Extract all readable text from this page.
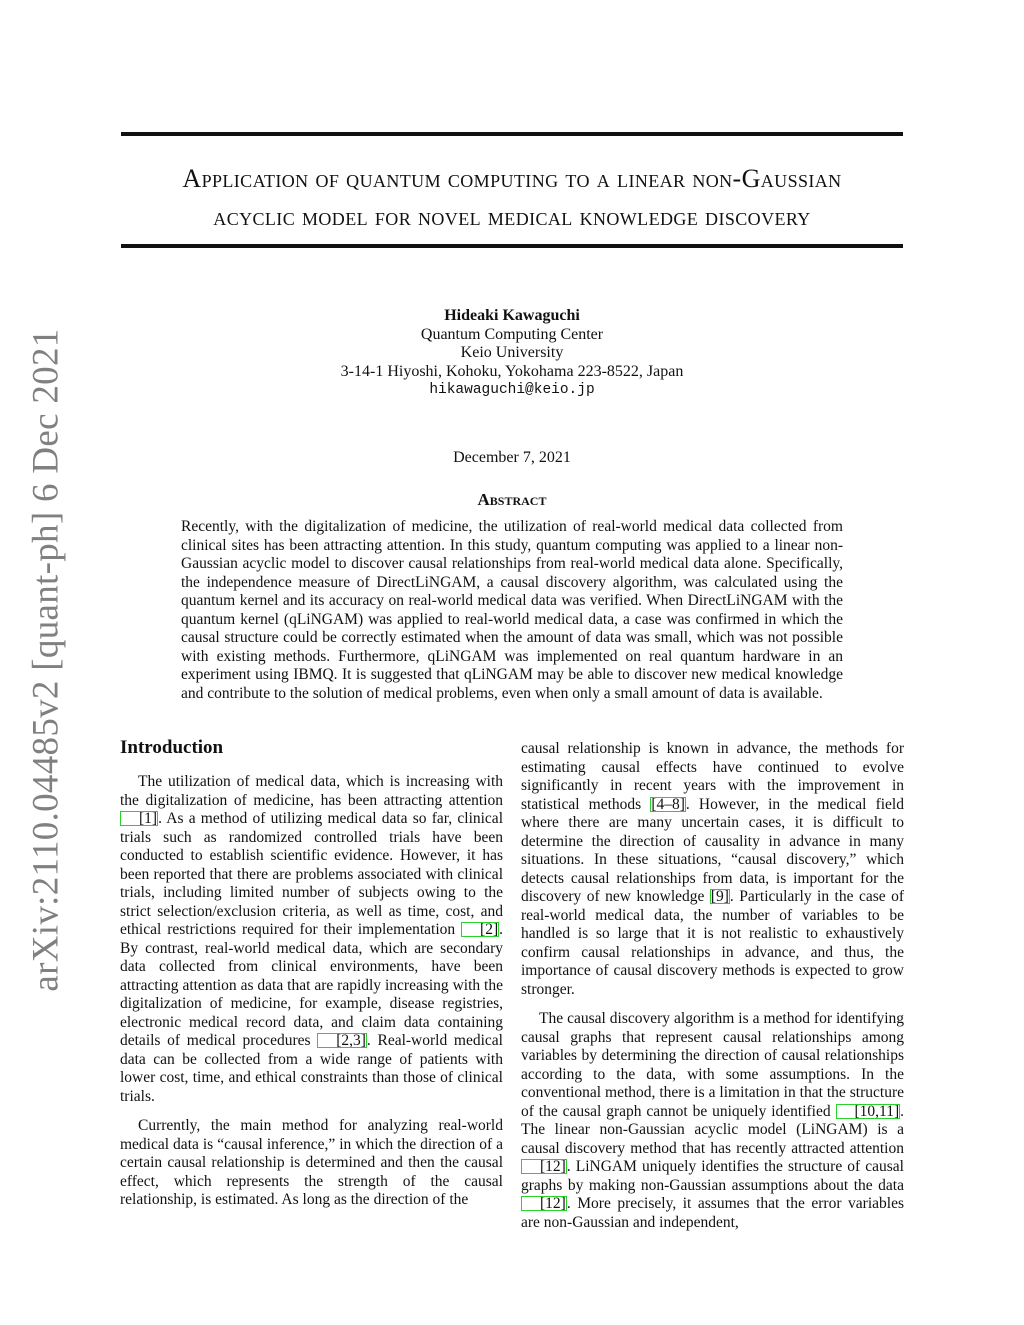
Application of quantum computing to a linear non-Gaussian
acyclic model for novel medical knowledge discovery
arXiv:2110.04485v2 [quant-ph] 6 Dec 2021
Hideaki Kawaguchi
Quantum Computing Center
Keio University
3-14-1 Hiyoshi, Kohoku, Yokohama 223-8522, Japan
hikawaguchi@keio.jp
December 7, 2021
Abstract
Recently, with the digitalization of medicine, the utilization of real-world medical data collected from clinical sites has been attracting attention. In this study, quantum computing was applied to a linear non-Gaussian acyclic model to discover causal relationships from real-world medical data alone. Specifically, the independence measure of DirectLiNGAM, a causal discovery algorithm, was calculated using the quantum kernel and its accuracy on real-world medical data was verified. When DirectLiNGAM with the quantum kernel (qLiNGAM) was applied to real-world medical data, a case was confirmed in which the causal structure could be correctly estimated when the amount of data was small, which was not possible with existing methods. Furthermore, qLiNGAM was implemented on real quantum hardware in an experiment using IBMQ. It is suggested that qLiNGAM may be able to discover new medical knowledge and contribute to the solution of medical problems, even when only a small amount of data is available.
Introduction

The utilization of medical data, which is increasing with the digitalization of medicine, has been attracting attention [1]. As a method of utilizing medical data so far, clinical trials such as randomized controlled trials have been conducted to establish scientific evidence. However, it has been reported that there are problems associated with clinical trials, including limited number of subjects owing to the strict selection/exclusion criteria, as well as time, cost, and ethical restrictions required for their implementation [2]. By contrast, real-world medical data, which are secondary data collected from clinical environments, have been attracting attention as data that are rapidly increasing with the digitalization of medicine, for example, disease registries, electronic medical record data, and claim data containing details of medical procedures [2,3]. Real-world medical data can be collected from a wide range of patients with lower cost, time, and ethical constraints than those of clinical trials.

Currently, the main method for analyzing real-world medical data is “causal inference,” in which the direction of a certain causal relationship is determined and then the causal effect, which represents the strength of the causal relationship, is estimated. As long as the direction of the

causal relationship is known in advance, the methods for estimating causal effects have continued to evolve significantly in recent years with the improvement in statistical methods [4–8]. However, in the medical field where there are many uncertain cases, it is difficult to determine the direction of causality in advance in many situations. In these situations, “causal discovery,” which detects causal relationships from data, is important for the discovery of new knowledge [9]. Particularly in the case of real-world medical data, the number of variables to be handled is so large that it is not realistic to exhaustively confirm causal relationships in advance, and thus, the importance of causal discovery methods is expected to grow stronger.

The causal discovery algorithm is a method for identifying causal graphs that represent causal relationships among variables by determining the direction of causal relationships according to the data, with some assumptions. In the conventional method, there is a limitation in that the structure of the causal graph cannot be uniquely identified [10,11]. The linear non-Gaussian acyclic model (LiNGAM) is a causal discovery method that has recently attracted attention [12]. LiNGAM uniquely identifies the structure of causal graphs by making non-Gaussian assumptions about the data [12]. More precisely, it assumes that the error variables are non-Gaussian and independent,
